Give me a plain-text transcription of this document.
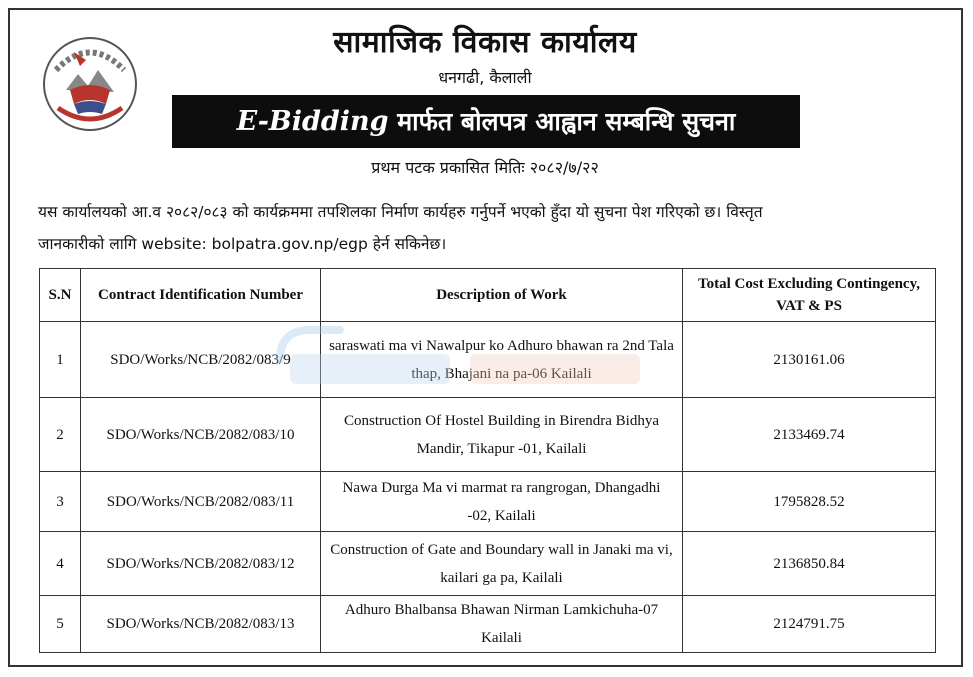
सामाजिक विकास कार्यालय
धनगढी, कैलाली
E-Bidding मार्फत बोलपत्र आह्वान सम्बन्धि सुचना
प्रथम पटक प्रकासित मितिः २०८२/७/२२
यस कार्यालयको आ.व २०८२/०८३ को कार्यक्रममा तपशिलका निर्माण कार्यहरु गर्नुपर्ने भएको हुँदा यो सुचना पेश गरिएको छ। विस्तृत
जानकारीको लागि website: bolpatra.gov.np/egp हेर्न सकिनेछ।
S.N	Contract Identification Number	Description of Work	Total Cost Excluding Contingency, VAT & PS
1	SDO/Works/NCB/2082/083/9	saraswati ma vi Nawalpur ko Adhuro bhawan ra 2nd Tala thap, Bhajani na pa-06 Kailali	2130161.06
2	SDO/Works/NCB/2082/083/10	Construction Of Hostel Building in Birendra Bidhya Mandir, Tikapur -01, Kailali	2133469.74
3	SDO/Works/NCB/2082/083/11	Nawa Durga Ma vi marmat ra rangrogan, Dhangadhi -02, Kailali	1795828.52
4	SDO/Works/NCB/2082/083/12	Construction of Gate and Boundary wall in Janaki ma vi, kailari ga pa, Kailali	2136850.84
5	SDO/Works/NCB/2082/083/13	Adhuro Bhalbansa Bhawan Nirman Lamkichuha-07 Kailali	2124791.75
